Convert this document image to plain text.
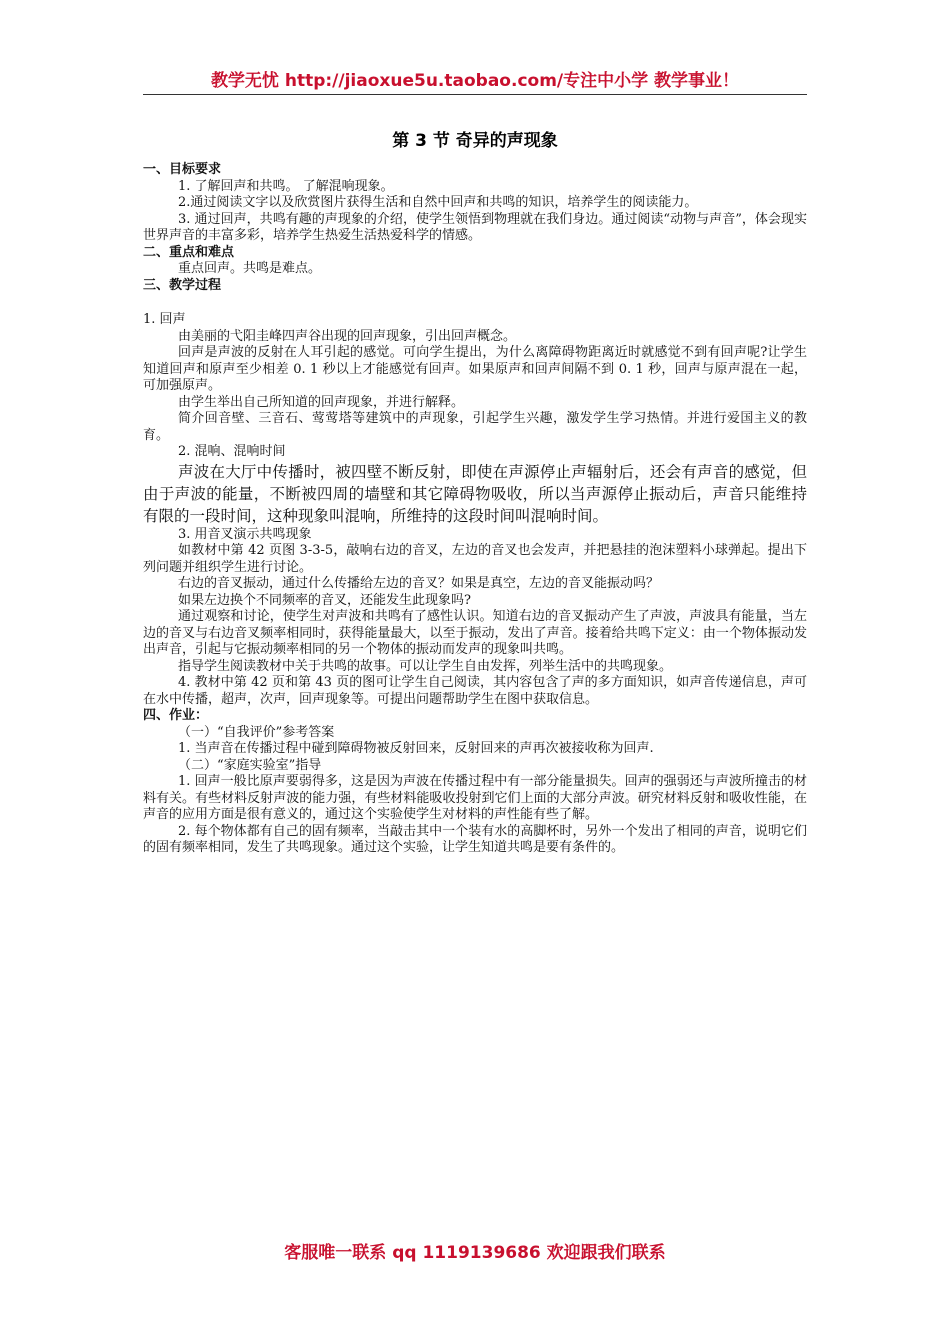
教学无忧 http://jiaoxue5u.taobao.com/专注中小学 教学事业！
第 3 节 奇异的声现象

一、目标要求

1. 了解回声和共鸣。 了解混响现象。

2.通过阅读文字以及欣赏图片获得生活和自然中回声和共鸣的知识，培养学生的阅读能力。

3. 通过回声，共鸣有趣的声现象的介绍，使学生领悟到物理就在我们身边。通过阅读“动物与声音”，体会现实世界声音的丰富多彩，培养学生热爱生活热爱科学的情感。

二、重点和难点

重点回声。共鸣是难点。

三、教学过程

1. 回声

由美丽的弋阳圭峰四声谷出现的回声现象，引出回声概念。

回声是声波的反射在人耳引起的感觉。可向学生提出，为什么离障碍物距离近时就感觉不到有回声呢?让学生知道回声和原声至少相差 0. 1 秒以上才能感觉有回声。如果原声和回声间隔不到 0. 1 秒，回声与原声混在一起，可加强原声。

由学生举出自己所知道的回声现象，并进行解释。

简介回音壁、三音石、莺莺塔等建筑中的声现象，引起学生兴趣，激发学生学习热情。并进行爱国主义的教育。

2. 混响、混响时间

声波在大厅中传播时，被四壁不断反射，即使在声源停止声辐射后，还会有声音的感觉，但由于声波的能量，不断被四周的墙壁和其它障碍物吸收，所以当声源停止振动后，声音只能维持有限的一段时间，这种现象叫混响，所维持的这段时间叫混响时间。

3. 用音叉演示共鸣现象

如教材中第 42 页图 3-3-5，敲响右边的音叉，左边的音叉也会发声，并把悬挂的泡沫塑料小球弹起。提出下列问题并组织学生进行讨论。

右边的音叉振动，通过什么传播给左边的音叉？如果是真空，左边的音叉能振动吗？

如果左边换个不同频率的音叉，还能发生此现象吗?

通过观察和讨论，使学生对声波和共鸣有了感性认识。知道右边的音叉振动产生了声波，声波具有能量，当左边的音叉与右边音叉频率相同时，获得能量最大，以至于振动，发出了声音。接着给共鸣下定义：由一个物体振动发出声音，引起与它振动频率相同的另一个物体的振动而发声的现象叫共鸣。

指导学生阅读教材中关于共鸣的故事。可以让学生自由发挥，列举生活中的共鸣现象。

4. 教材中第 42 页和第 43 页的图可让学生自己阅读，其内容包含了声的多方面知识，如声音传递信息，声可在水中传播，超声，次声，回声现象等。可提出问题帮助学生在图中获取信息。

四、作业：

（一）“自我评价”参考答案

1. 当声音在传播过程中碰到障碍物被反射回来，反射回来的声再次被接收称为回声.

（二）“家庭实验室”指导

1. 回声一般比原声要弱得多，这是因为声波在传播过程中有一部分能量损失。回声的强弱还与声波所撞击的材料有关。有些材料反射声波的能力强，有些材料能吸收投射到它们上面的大部分声波。研究材料反射和吸收性能，在声音的应用方面是很有意义的，通过这个实验使学生对材料的声性能有些了解。

2. 每个物体都有自己的固有频率，当敲击其中一个装有水的高脚杯时，另外一个发出了相同的声音，说明它们的固有频率相同，发生了共鸣现象。通过这个实验，让学生知道共鸣是要有条件的。

客服唯一联系 qq 1119139686 欢迎跟我们联系
